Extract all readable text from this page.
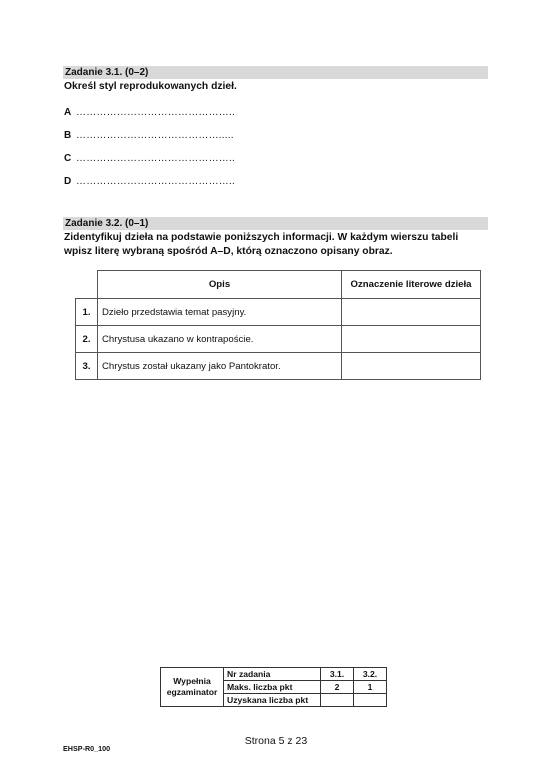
Zadanie 3.1. (0–2)
Określ styl reprodukowanych dzieł.
A ………………………………………..
B …………………………………….....
C ………………………………………..
D ………………………………………..
Zadanie 3.2. (0–1)
Zidentyfikuj dzieła na podstawie poniższych informacji. W każdym wierszu tabeli wpisz literę wybraną spośród A–D, którą oznaczono opisany obraz.
	Opis	Oznaczenie literowe dzieła
1.	Dzieło przedstawia temat pasyjny.	
2.	Chrystusa ukazano w kontrapoście.	
3.	Chrystus został ukazany jako Pantokrator.	
Wypełnia egzaminator	Nr zadania	3.1.	3.2.
	Maks. liczba pkt	2	1
	Uzyskana liczba pkt		
Strona 5 z 23
EHSP-R0_100
